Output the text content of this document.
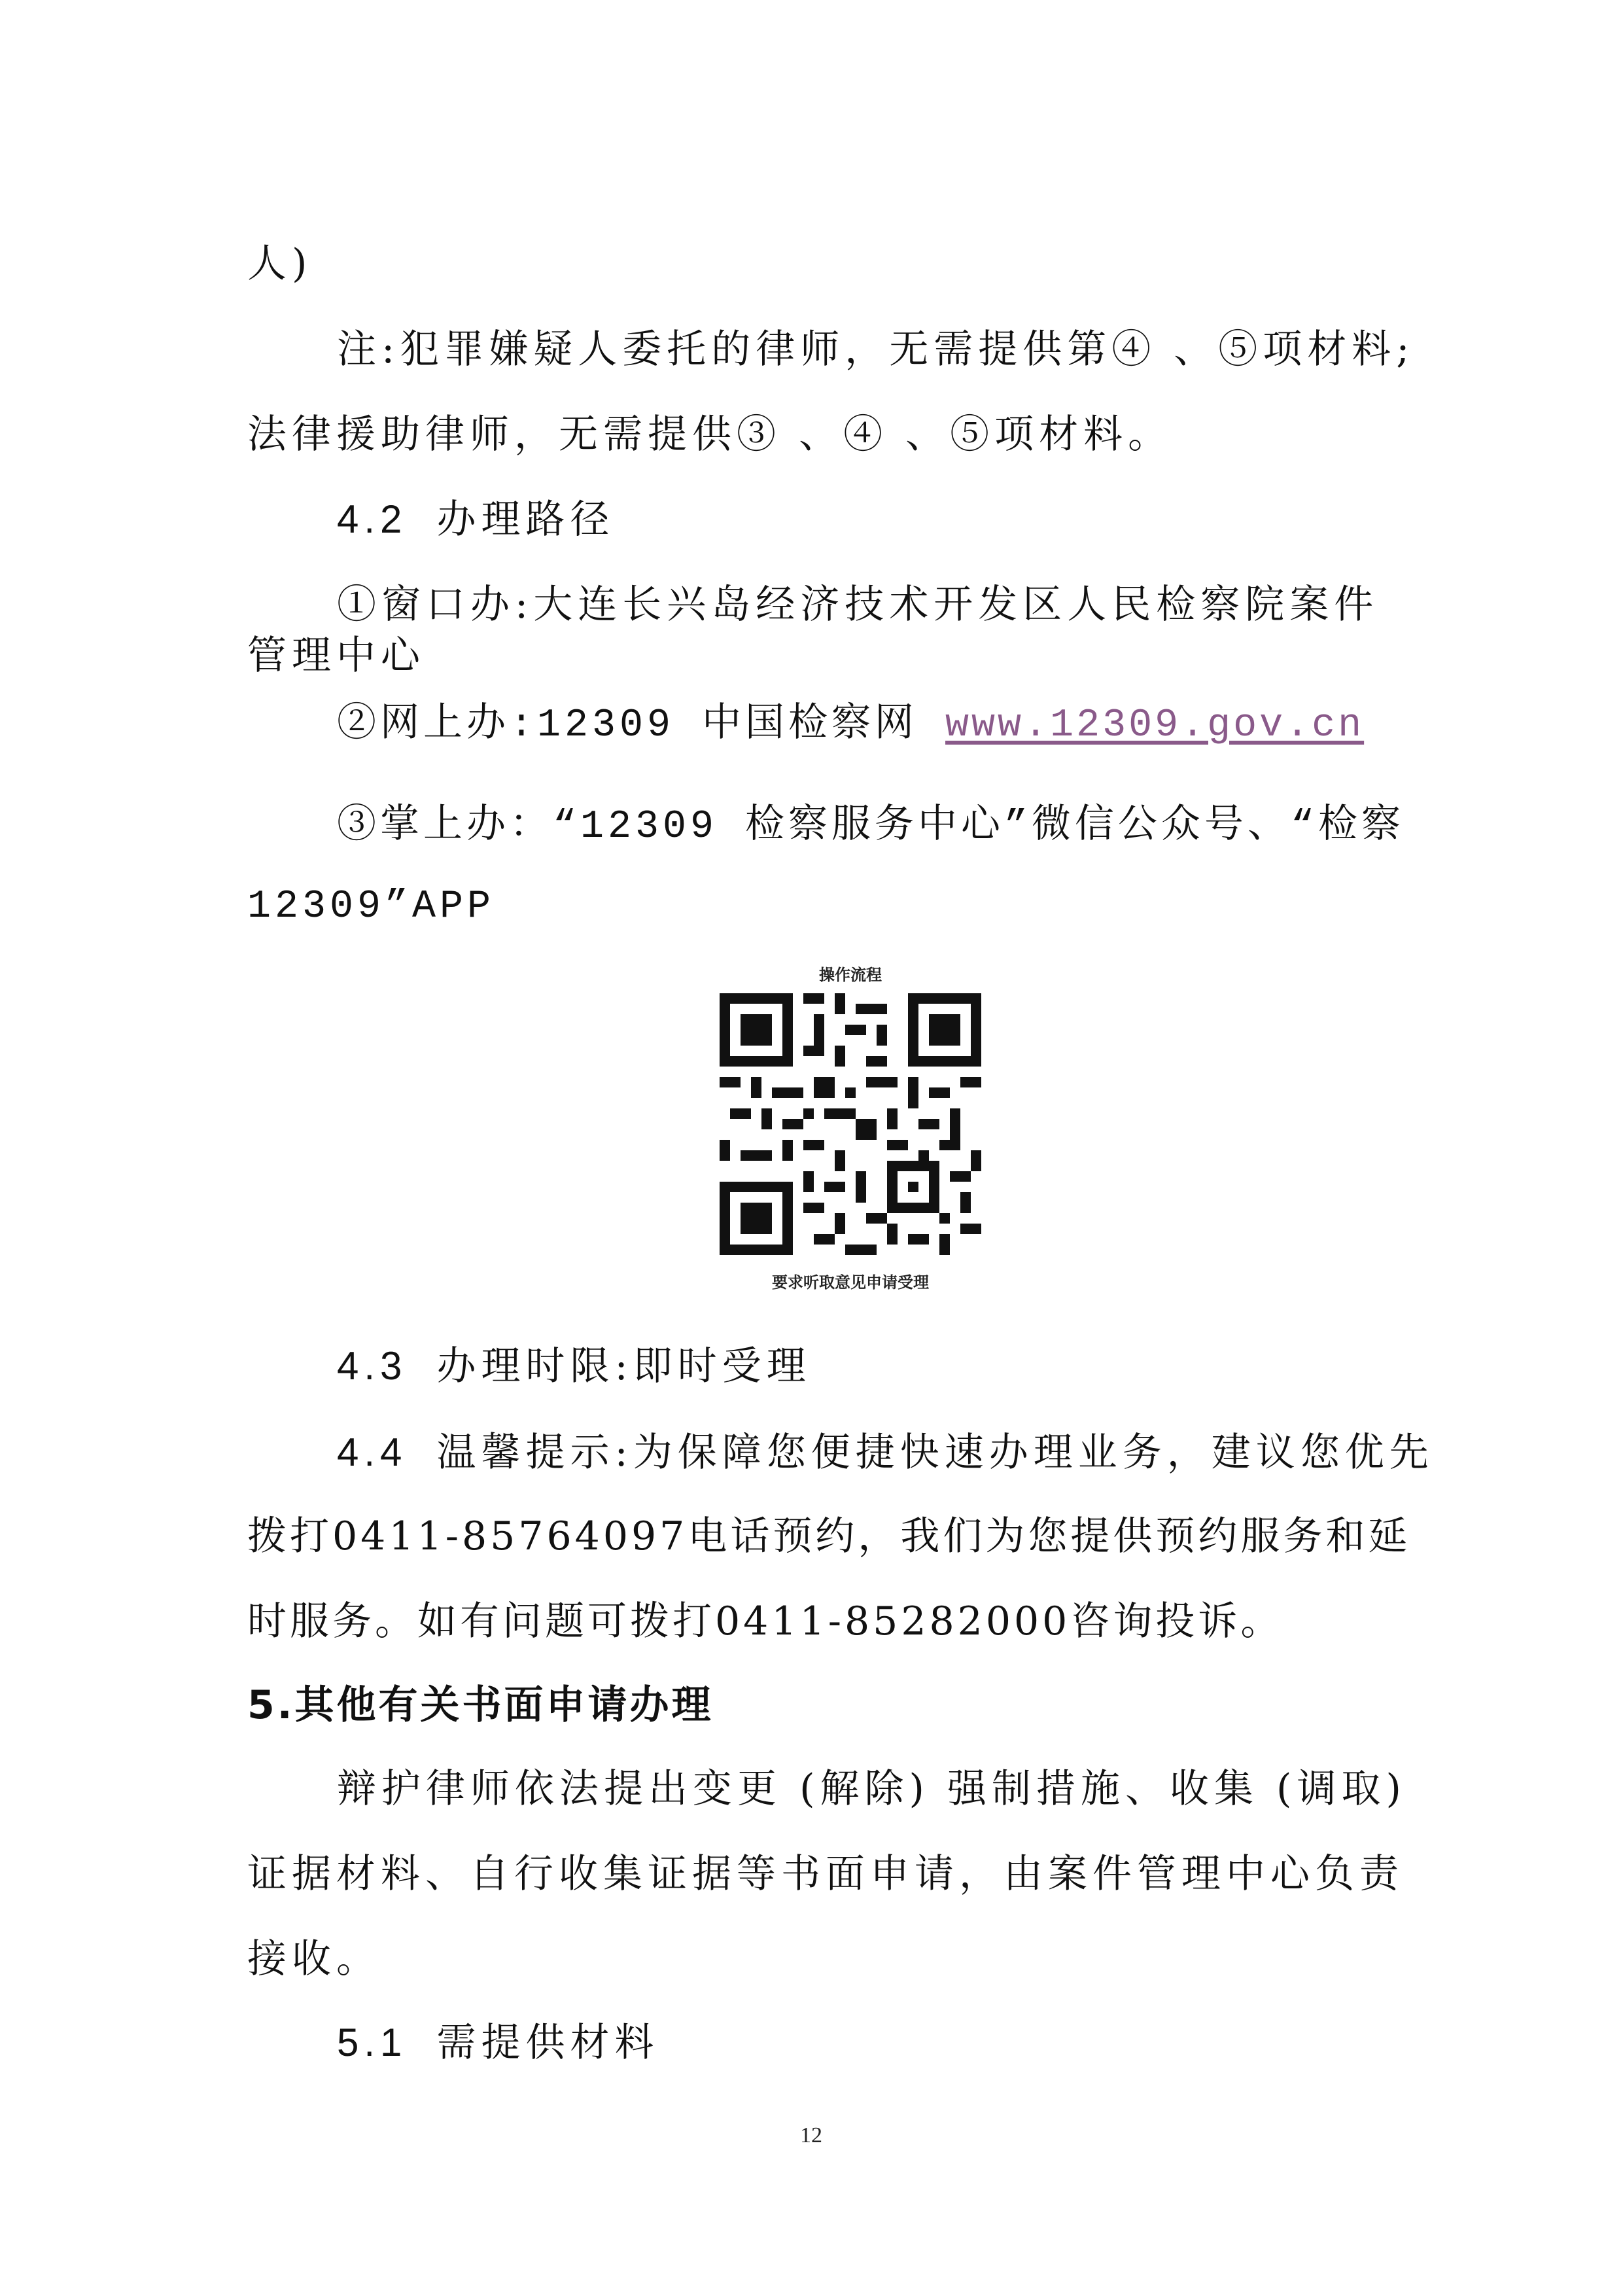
人)
注:犯罪嫌疑人委托的律师，无需提供第④ 、⑤项材料;
法律援助律师，无需提供③ 、④ 、⑤项材料。
4.2 办理路径
①窗口办:大连长兴岛经济技术开发区人民检察院案件
管理中心
②网上办:12309 中国检察网 www.12309.gov.cn
③掌上办：“12309 检察服务中心”微信公众号、“检察
12309”APP
操作流程
要求听取意见申请受理
4.3 办理时限:即时受理
4.4 温馨提示:为保障您便捷快速办理业务，建议您优先
拨打0411-85764097电话预约，我们为您提供预约服务和延
时服务。如有问题可拨打0411-85282000咨询投诉。
5.其他有关书面申请办理
辩护律师依法提出变更 (解除) 强制措施、收集 (调取)
证据材料、自行收集证据等书面申请，由案件管理中心负责
接收。
5.1 需提供材料
12
